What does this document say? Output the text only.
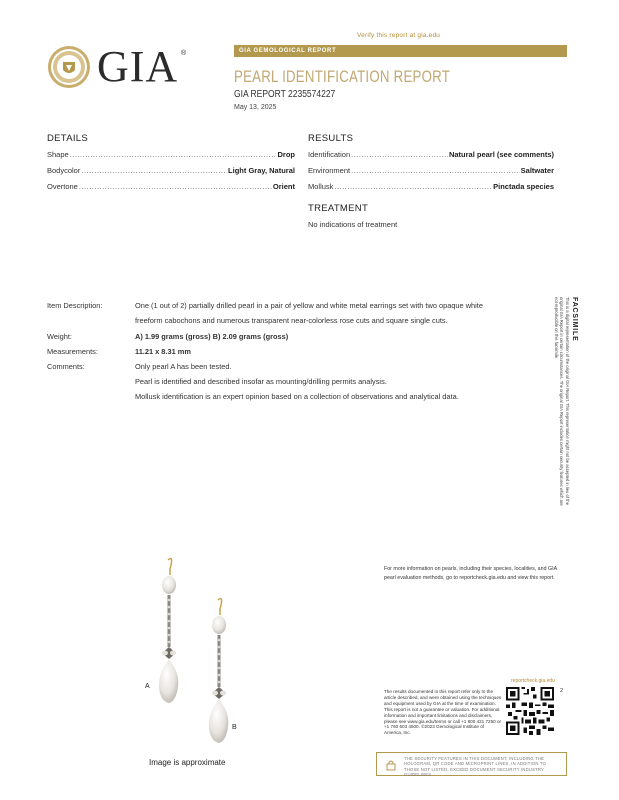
Verify this report at gia.edu
GIA ®	GIA GEMOLOGICAL REPORT
PEARL IDENTIFICATION REPORT
GIA REPORT 2235574227
May 13, 2025
DETAILS
Shape .....	Drop
Bodycolor .....	Light Gray, Natural
Overtone .....	Orient
RESULTS
Identification .....	Natural pearl (see comments)
Environment .....	Saltwater
Mollusk .....	Pinctada species
TREATMENT
No indications of treatment
Item Description:	One (1 out of 2) partially drilled pearl in a pair of yellow and white metal earrings set with two opaque white
freeform cabochons and numerous transparent near-colorless rose cuts and square single cuts.
Weight:	A) 1.99 grams (gross) B) 2.09 grams (gross)
Measurements:	11.21 x 8.31 mm
Comments:	Only pearl A has been tested.
Pearl is identified and described insofar as mounting/drilling permits analysis.
Mollusk identification is an expert opinion based on a collection of observations and analytical data.
FACSIMILE
This is a digital representation of the original GIA Report. This representation might not be accepted in lieu of the original GIA Report in certain circumstances. The original GIA Report includes certain security features which are not reproducible on this facsimile.
A
B
Image is approximate
For more information on pearls, including their species, localities, and GIA pearl evaluation methods, go to reportcheck.gia.edu and view this report.
reportcheck.gia.edu
The results documented in this report refer only to the article described, and were obtained using the techniques and equipment used by GIA at the time of examination. This report is not a guarantee or valuation. For additional information and important limitations and disclaimers, please see www.gia.edu/terms or call +1 800 421 7250 or +1 760 603 4500. ©2023 Gemological Institute of America, Inc.
2
THE SECURITY FEATURES IN THIS DOCUMENT, INCLUDING THE HOLOGRAM, QR CODE AND MICROPRINT LINES, IN ADDITION TO THOSE NOT LISTED, EXCEED DOCUMENT SECURITY INDUSTRY GUIDELINES.
